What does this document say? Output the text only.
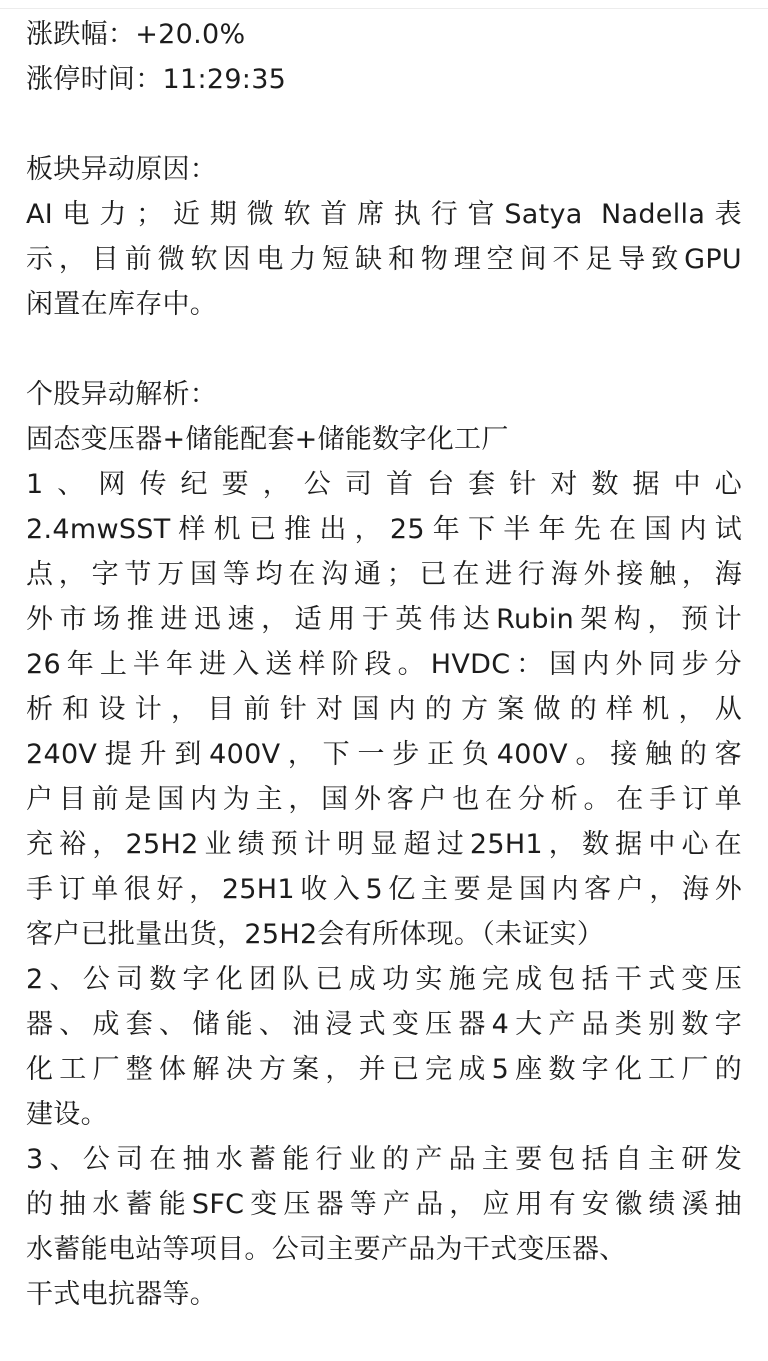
涨跌幅：+20.0%
涨停时间：11:29:35
板块异动原因：
AI电力；近期微软首席执行官Satya Nadella表
示，目前微软因电力短缺和物理空间不足导致GPU
闲置在库存中。
个股异动解析：
固态变压器+储能配套+储能数字化工厂
1、网传纪要，公司首台套针对数据中心
2.4mwSST样机已推出，25年下半年先在国内试
点，字节万国等均在沟通；已在进行海外接触，海
外市场推进迅速，适用于英伟达Rubin架构，预计
26年上半年进入送样阶段。HVDC：国内外同步分
析和设计，目前针对国内的方案做的样机，从
240V提升到400V，下一步正负400V。接触的客
户目前是国内为主，国外客户也在分析。在手订单
充裕，25H2业绩预计明显超过25H1，数据中心在
手订单很好，25H1收入5亿主要是国内客户，海外
客户已批量出货，25H2会有所体现。（未证实）
2、公司数字化团队已成功实施完成包括干式变压
器、成套、储能、油浸式变压器4大产品类别数字
化工厂整体解决方案，并已完成5座数字化工厂的
建设。
3、公司在抽水蓄能行业的产品主要包括自主研发
的抽水蓄能SFC变压器等产品，应用有安徽绩溪抽
水蓄能电站等项目。公司主要产品为干式变压器、
干式电抗器等。
